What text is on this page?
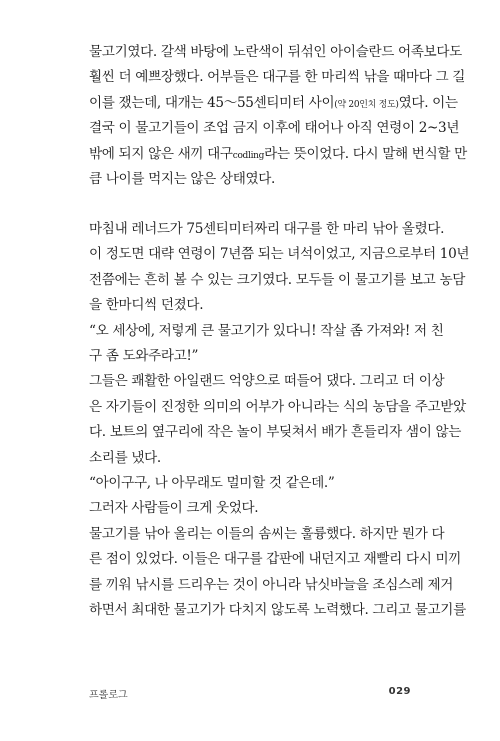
물고기였다. 갈색 바탕에 노란색이 뒤섞인 아이슬란드 어족보다도
훨씬 더 예쁘장했다. 어부들은 대구를 한 마리씩 낚을 때마다 그 길
이를 쟀는데, 대개는 45～55센티미터 사이(약 20인치 정도)였다. 이는
결국 이 물고기들이 조업 금지 이후에 태어나 아직 연령이 2~3년
밖에 되지 않은 새끼 대구codling라는 뜻이었다. 다시 말해 번식할 만
큼 나이를 먹지는 않은 상태였다.
마침내 레너드가 75센티미터짜리 대구를 한 마리 낚아 올렸다.
이 정도면 대략 연령이 7년쯤 되는 녀석이었고, 지금으로부터 10년
전쯤에는 흔히 볼 수 있는 크기였다. 모두들 이 물고기를 보고 농담
을 한마디씩 던졌다.
“오 세상에, 저렇게 큰 물고기가 있다니! 작살 좀 가져와! 저 친
구 좀 도와주라고!”
그들은 쾌활한 아일랜드 억양으로 떠들어 댔다. 그리고 더 이상
은 자기들이 진정한 의미의 어부가 아니라는 식의 농담을 주고받았
다. 보트의 옆구리에 작은 놀이 부딪쳐서 배가 흔들리자 샘이 않는
소리를 냈다.
“아이구구, 나 아무래도 멀미할 것 같은데.”
그러자 사람들이 크게 웃었다.
물고기를 낚아 올리는 이들의 솜씨는 훌륭했다. 하지만 뭔가 다
른 점이 있었다. 이들은 대구를 갑판에 내던지고 재빨리 다시 미끼
를 끼워 낚시를 드리우는 것이 아니라 낚싯바늘을 조심스레 제거
하면서 최대한 물고기가 다치지 않도록 노력했다. 그리고 물고기를
프롤로그	029
